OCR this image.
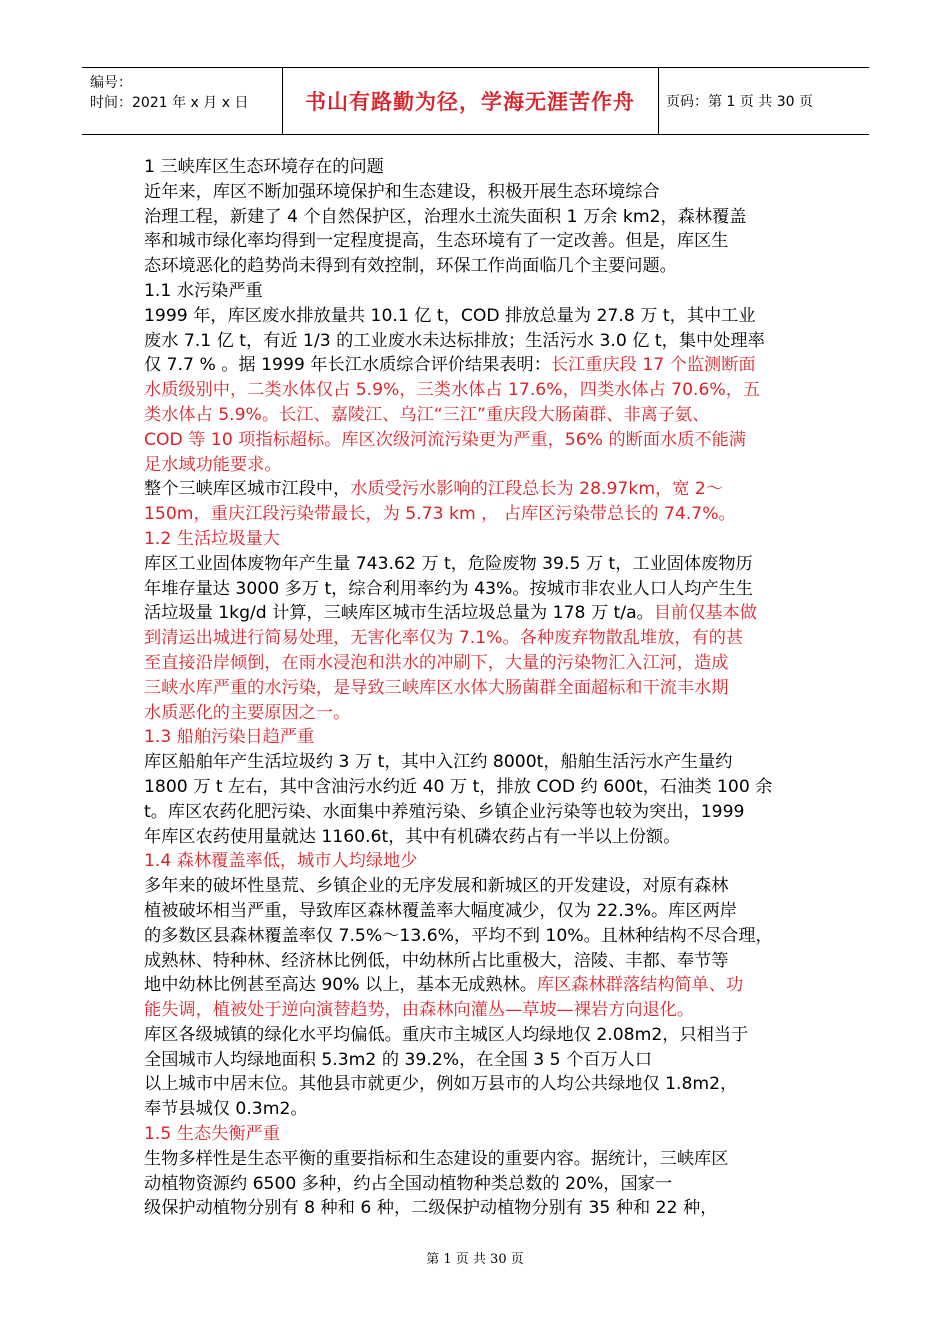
编号：
时间：2021 年 x 月 x 日	书山有路勤为径，学海无涯苦作舟	页码：第 1 页 共 30 页
1 三峡库区生态环境存在的问题
近年来，库区不断加强环境保护和生态建设，积极开展生态环境综合
治理工程，新建了 4 个自然保护区，治理水土流失面积 1 万余 km2，森林覆盖
率和城市绿化率均得到一定程度提高，生态环境有了一定改善。但是，库区生
态环境恶化的趋势尚未得到有效控制，环保工作尚面临几个主要问题。
1.1 水污染严重
1999 年，库区废水排放量共 10.1 亿 t，COD 排放总量为 27.8 万 t，其中工业
废水 7.1 亿 t，有近 1/3 的工业废水未达标排放；生活污水 3.0 亿 t，集中处理率
仅 7.7 % 。据 1999 年长江水质综合评价结果表明：长江重庆段 17 个监测断面
水质级别中，二类水体仅占 5.9%，三类水体占 17.6%，四类水体占 70.6%，五
类水体占 5.9%。长江、嘉陵江、乌江“三江”重庆段大肠菌群、非离子氨、
COD 等 10 项指标超标。库区次级河流污染更为严重，56% 的断面水质不能满
足水域功能要求。
整个三峡库区城市江段中，水质受污水影响的江段总长为 28.97km，宽 2～
150m，重庆江段污染带最长，为 5.73 km ， 占库区污染带总长的 74.7%。
1.2 生活垃圾量大
库区工业固体废物年产生量 743.62 万 t，危险废物 39.5 万 t，工业固体废物历
年堆存量达 3000 多万 t，综合利用率约为 43%。按城市非农业人口人均产生生
活垃圾量 1kg/d 计算，三峡库区城市生活垃圾总量为 178 万 t/a。目前仅基本做
到清运出城进行简易处理，无害化率仅为 7.1%。各种废弃物散乱堆放，有的甚
至直接沿岸倾倒，在雨水浸泡和洪水的冲刷下，大量的污染物汇入江河，造成
三峡水库严重的水污染，是导致三峡库区水体大肠菌群全面超标和干流丰水期
水质恶化的主要原因之一。
1.3 船舶污染日趋严重
库区船舶年产生活垃圾约 3 万 t，其中入江约 8000t，船舶生活污水产生量约
1800 万 t 左右，其中含油污水约近 40 万 t，排放 COD 约 600t，石油类 100 余
t。库区农药化肥污染、水面集中养殖污染、乡镇企业污染等也较为突出，1999
年库区农药使用量就达 1160.6t，其中有机磷农药占有一半以上份额。
1.4 森林覆盖率低，城市人均绿地少
多年来的破坏性垦荒、乡镇企业的无序发展和新城区的开发建设，对原有森林
植被破坏相当严重，导致库区森林覆盖率大幅度减少，仅为 22.3%。库区两岸
的多数区县森林覆盖率仅 7.5%～13.6%，平均不到 10%。且林种结构不尽合理，
成熟林、特种林、经济林比例低，中幼林所占比重极大，涪陵、丰都、奉节等
地中幼林比例甚至高达 90% 以上，基本无成熟林。库区森林群落结构简单、功
能失调，植被处于逆向演替趋势，由森林向灌丛—草坡—裸岩方向退化。
库区各级城镇的绿化水平均偏低。重庆市主城区人均绿地仅 2.08m2，只相当于
全国城市人均绿地面积 5.3m2 的 39.2%，在全国 3 5 个百万人口
以上城市中居末位。其他县市就更少，例如万县市的人均公共绿地仅 1.8m2，
奉节县城仅 0.3m2。
1.5 生态失衡严重
生物多样性是生态平衡的重要指标和生态建设的重要内容。据统计，三峡库区
动植物资源约 6500 多种，约占全国动植物种类总数的 20%，国家一
级保护动植物分别有 8 种和 6 种，二级保护动植物分别有 35 种和 22 种，
第 1 页 共 30 页
